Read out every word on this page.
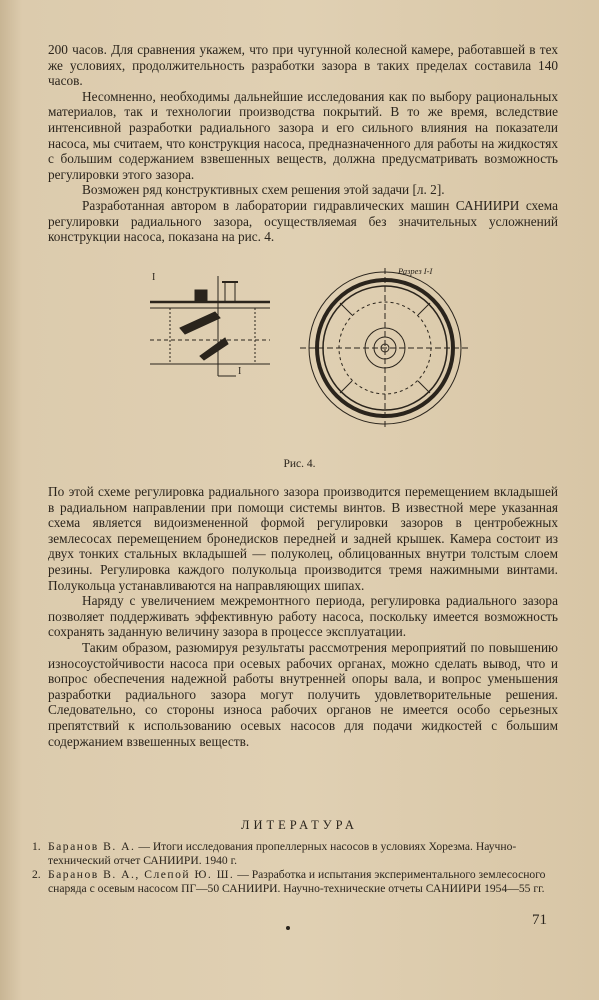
200 часов. Для сравнения укажем, что при чугунной колесной камере, работавшей в тех же условиях, продолжительность разработки зазора в таких пределах составила 140 часов.

Несомненно, необходимы дальнейшие исследования как по выбору рациональных материалов, так и технологии производства покрытий. В то же время, вследствие интенсивной разработки радиального зазора и его сильного влияния на показатели насоса, мы считаем, что конструкция насоса, предназначенного для работы на жидкостях с большим содержанием взвешенных веществ, должна предусматривать возможность регулировки этого зазора.

Возможен ряд конструктивных схем решения этой задачи [л. 2].

Разработанная автором в лаборатории гидравлических машин САНИИРИ схема регулировки радиального зазора, осуществляемая без значительных усложнений конструкции насоса, показана на рис. 4.

I
I
Разрез I-I
Рис. 4.

По этой схеме регулировка радиального зазора производится перемещением вкладышей в радиальном направлении при помощи системы винтов. В известной мере указанная схема является видоизмененной формой регулировки зазоров в центробежных землесосах перемещением бронедисков передней и задней крышек. Камера состоит из двух тонких стальных вкладышей — полуколец, облицованных внутри толстым слоем резины. Регулировка каждого полукольца производится тремя нажимными винтами. Полукольца устанавливаются на направляющих шипах.

Наряду с увеличением межремонтного периода, регулировка радиального зазора позволяет поддерживать эффективную работу насоса, поскольку имеется возможность сохранять заданную величину зазора в процессе эксплуатации.

Таким образом, разюмируя результаты рассмотрения мероприятий по повышению износоустойчивости насоса при осевых рабочих органах, можно сделать вывод, что и вопрос обеспечения надежной работы внутренней опоры вала, и вопрос уменьшения разработки радиального зазора могут получить удовлетворительные решения. Следовательно, со стороны износа рабочих органов не имеется особо серьезных препятствий к использованию осевых насосов для подачи жидкостей с большим содержанием взвешенных веществ.

ЛИТЕРАТУРА
1. Баранов В. А. — Итоги исследования пропеллерных насосов в условиях Хорезма. Научно-технический отчет САНИИРИ. 1940 г.
2. Баранов В. А., Слепой Ю. Ш. — Разработка и испытания экспериментального землесосного снаряда с осевым насосом ПГ—50 САНИИРИ. Научно-технические отчеты САНИИРИ 1954—55 гг.
71
